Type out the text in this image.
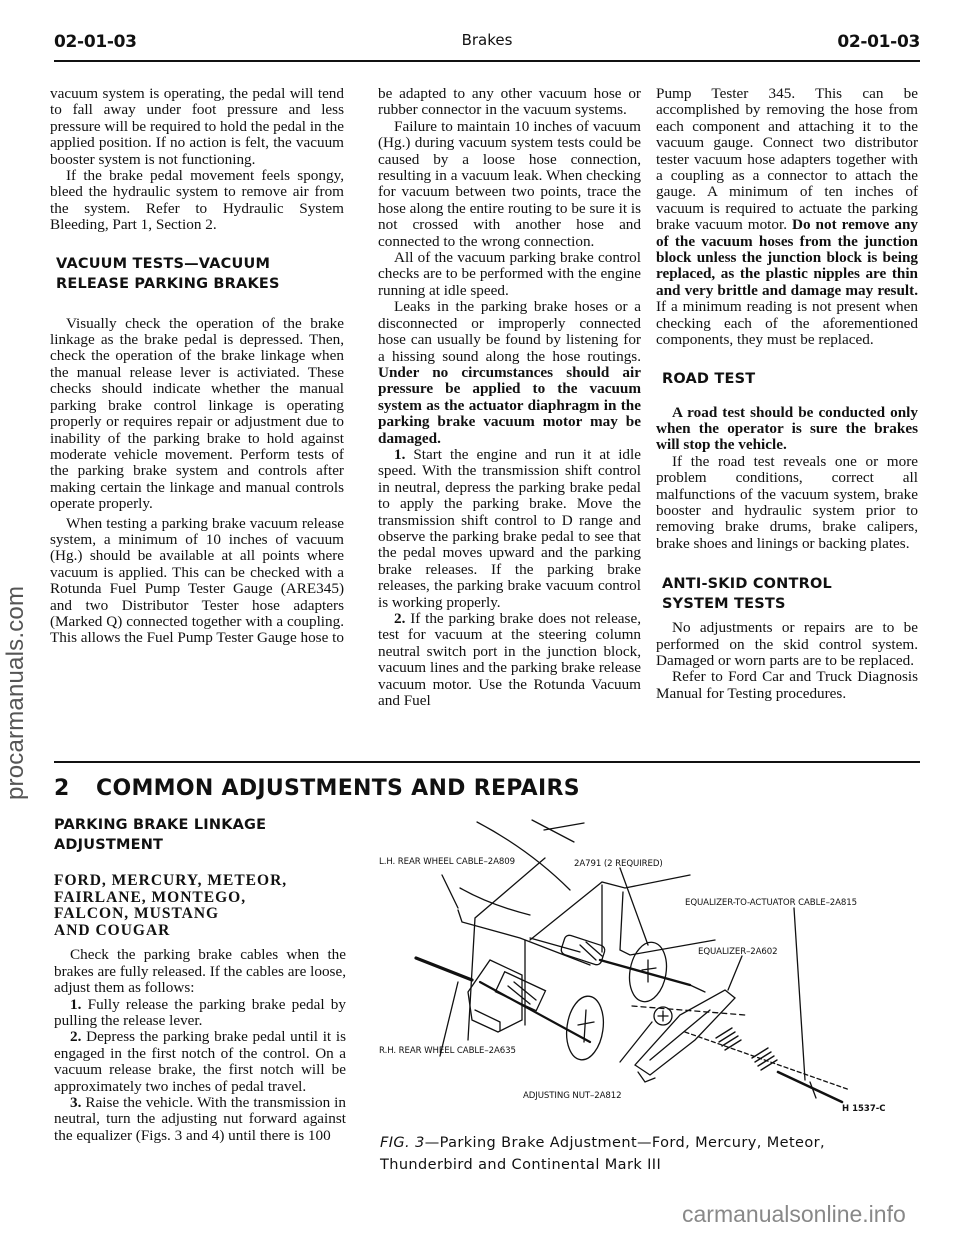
02-01-03	Brakes	02-01-03

vacuum system is operating, the pedal will tend to fall away under foot pressure and less pressure will be required to hold the pedal in the applied position. If no action is felt, the vacuum booster system is not functioning.

If the brake pedal movement feels spongy, bleed the hydraulic system to remove air from the system. Refer to Hydraulic System Bleeding, Part 1, Section 2.

VACUUM TESTS—VACUUM
RELEASE PARKING BRAKES

Visually check the operation of the brake linkage as the brake pedal is depressed. Then, check the operation of the brake linkage when the manual release lever is activiated. These checks should indicate whether the manual parking brake control linkage is operating properly or requires repair or adjustment due to inability of the parking brake to hold against moderate vehicle movement. Perform tests of the parking brake system and controls after making certain the linkage and manual controls operate properly.

When testing a parking brake vacuum release system, a minimum of 10 inches of vacuum (Hg.) should be available at all points where vacuum is applied. This can be checked with a Rotunda Fuel Pump Tester Gauge (ARE345) and two Distributor Tester hose adapters (Marked Q) connected together with a coupling. This allows the Fuel Pump Tester Gauge hose to

be adapted to any other vacuum hose or rubber connector in the vacuum systems.

Failure to maintain 10 inches of vacuum (Hg.) during vacuum system tests could be caused by a loose hose connection, resulting in a vacuum leak. When checking for vacuum between two points, trace the hose along the entire routing to be sure it is not crossed with another hose and connected to the wrong connection.

All of the vacuum parking brake control checks are to be performed with the engine running at idle speed.

Leaks in the parking brake hoses or a disconnected or improperly connected hose can usually be found by listening for a hissing sound along the hose routings. Under no circumstances should air pressure be applied to the vacuum system as the actuator diaphragm in the parking brake vacuum motor may be damaged.

1. Start the engine and run it at idle speed. With the transmission shift control in neutral, depress the parking brake pedal to apply the parking brake. Move the transmission shift control to D range and observe the parking brake pedal to see that the pedal moves upward and the parking brake releases. If the parking brake releases, the parking brake vacuum control is working properly.

2. If the parking brake does not release, test for vacuum at the steering column neutral switch port in the junction block, vacuum lines and the parking brake release vacuum motor. Use the Rotunda Vacuum and Fuel

Pump Tester 345. This can be accomplished by removing the hose from each component and attaching it to the vacuum gauge. Connect two distributor tester vacuum hose adapters together with a coupling as a connector to attach the gauge. A minimum of ten inches of vacuum is required to actuate the parking brake vacuum motor. Do not remove any of the vacuum hoses from the junction block unless the junction block is being replaced, as the plastic nipples are thin and very brittle and damage may result. If a minimum reading is not present when checking each of the aforementioned components, they must be replaced.

ROAD TEST

A road test should be conducted only when the operator is sure the brakes will stop the vehicle.

If the road test reveals one or more problem conditions, correct all malfunctions of the vacuum system, brake booster and hydraulic system prior to removing brake drums, brake calipers, brake shoes and linings or backing plates.

ANTI-SKID CONTROL
SYSTEM TESTS

No adjustments or repairs are to be performed on the skid control system. Damaged or worn parts are to be replaced.

Refer to Ford Car and Truck Diagnosis Manual for Testing procedures.

2 COMMON ADJUSTMENTS AND REPAIRS
PARKING BRAKE LINKAGE
ADJUSTMENT
FORD, MERCURY, METEOR,
FAIRLANE, MONTEGO,
FALCON, MUSTANG
AND COUGAR

Check the parking brake cables when the brakes are fully released. If the cables are loose, adjust them as follows:

1. Fully release the parking brake pedal by pulling the release lever.

2. Depress the parking brake pedal until it is engaged in the first notch of the control. On a vacuum release brake, the first notch will be approximately two inches of pedal travel.

3. Raise the vehicle. With the transmission in neutral, turn the adjusting nut forward against the equalizer (Figs. 3 and 4) until there is 100

L.H. REAR WHEEL CABLE–2A809	2A791 (2 REQUIRED)
EQUALIZER-TO-ACTUATOR CABLE–2A815
EQUALIZER–2A602
R.H. REAR WHEEL CABLE–2A635
ADJUSTING NUT–2A812
H 1537-C
FIG. 3—Parking Brake Adjustment—Ford, Mercury, Meteor, Thunderbird and Continental Mark III
procarmanuals.com
carmanualsonline.info
